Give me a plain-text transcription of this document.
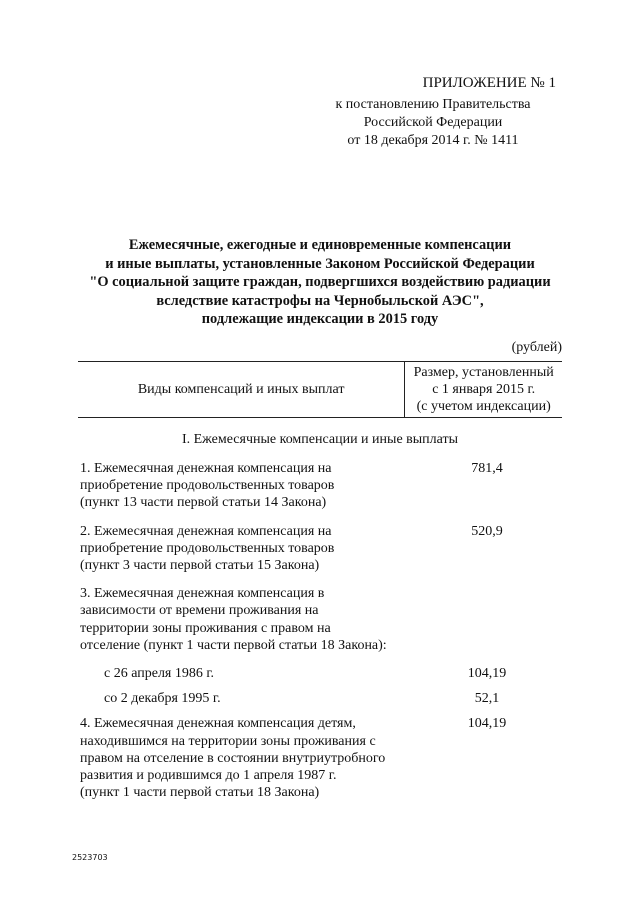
ПРИЛОЖЕНИЕ № 1
к постановлению Правительства
Российской Федерации
от 18 декабря 2014 г. № 1411
Ежемесячные, ежегодные и единовременные компенсации
и иные выплаты, установленные Законом Российской Федерации
"О социальной защите граждан, подвергшихся воздействию радиации
вследствие катастрофы на Чернобыльской АЭС",
подлежащие индексации в 2015 году
(рублей)
Виды компенсаций и иных выплат
Размер, установленный
с 1 января 2015 г.
(с учетом индексации)
I. Ежемесячные компенсации и иные выплаты
1. Ежемесячная денежная компенсация на
приобретение продовольственных товаров
(пункт 13 части первой статьи 14 Закона)
781,4
2. Ежемесячная денежная компенсация на
приобретение продовольственных товаров
(пункт 3 части первой статьи 15 Закона)
520,9
3. Ежемесячная денежная компенсация в
зависимости от времени проживания на
территории зоны проживания с правом на
отселение (пункт 1 части первой статьи 18 Закона):
с 26 апреля 1986 г.	104,19
со 2 декабря 1995 г.	52,1
4. Ежемесячная денежная компенсация детям,
находившимся на территории зоны проживания с
правом на отселение в состоянии внутриутробного
развития и родившимся до 1 апреля 1987 г.
(пункт 1 части первой статьи 18 Закона)
104,19
2523703
